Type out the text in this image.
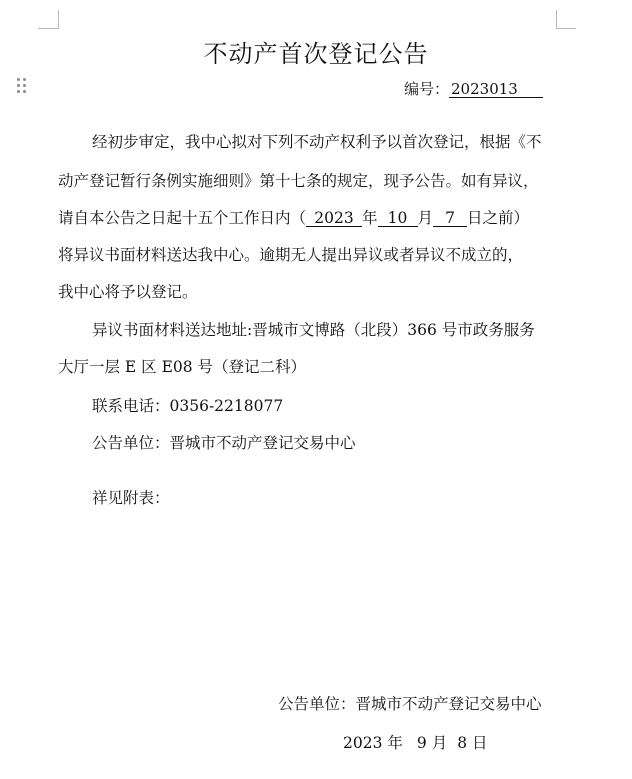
不动产首次登记公告
编号： 2023013
经初步审定，我中心拟对下列不动产权利予以首次登记，根据《不
动产登记暂行条例实施细则》第十七条的规定，现予公告。如有异议，
请自本公告之日起十五个工作日内（ 2023 年 10 月 7 日之前）
将异议书面材料送达我中心。逾期无人提出异议或者异议不成立的，
我中心将予以登记。
异议书面材料送达地址:晋城市文博路（北段）366 号市政务服务
大厅一层 E 区 E08 号（登记二科）
联系电话：0356-2218077
公告单位：晋城市不动产登记交易中心
祥见附表：
公告单位：晋城市不动产登记交易中心
2023 年 9 月 8 日
